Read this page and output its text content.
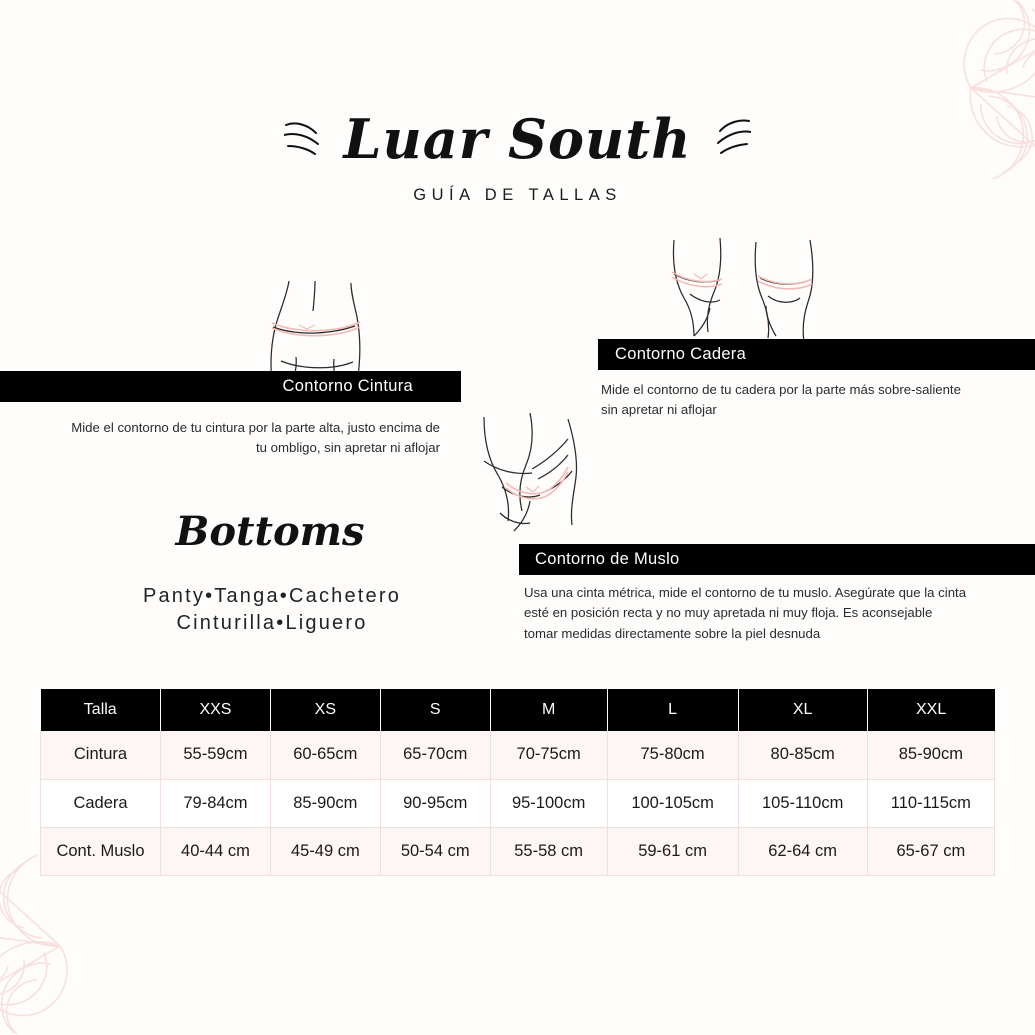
Luar South
GUÍA DE TALLAS
Contorno Cintura
Mide el contorno de tu cintura por la parte alta, justo encima de tu ombligo, sin apretar ni aflojar
Contorno Cadera
Mide el contorno de tu cadera por la parte más sobre-saliente sin apretar ni aflojar
Contorno de Muslo
Usa una cinta métrica, mide el contorno de tu muslo. Asegúrate que la cinta esté en posición recta y no muy apretada ni muy floja. Es aconsejable tomar medidas directamente sobre la piel desnuda
Bottoms
Panty•Tanga•Cachetero
Cinturilla•Liguero
Talla	XXS	XS	S	M	L	XL	XXL
Cintura	55-59cm	60-65cm	65-70cm	70-75cm	75-80cm	80-85cm	85-90cm
Cadera	79-84cm	85-90cm	90-95cm	95-100cm	100-105cm	105-110cm	110-115cm
Cont. Muslo	40-44 cm	45-49 cm	50-54 cm	55-58 cm	59-61 cm	62-64 cm	65-67 cm
